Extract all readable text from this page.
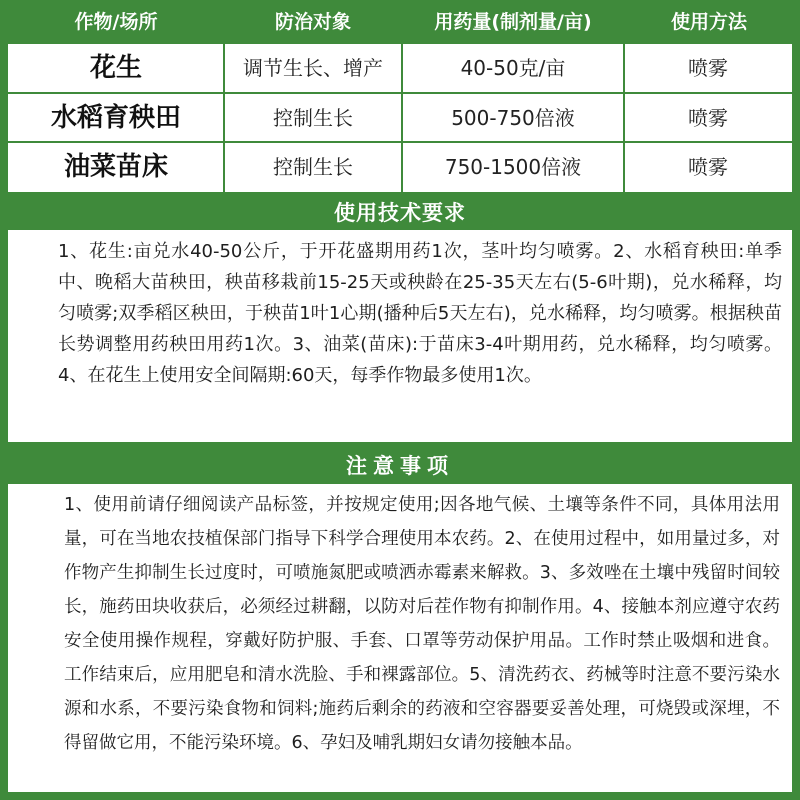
作物/场所	防治对象	用药量(制剂量/亩)	使用方法
花生	调节生长、增产	40-50克/亩	喷雾
水稻育秧田	控制生长	500-750倍液	喷雾
油菜苗床	控制生长	750-1500倍液	喷雾
使用技术要求

1、花生:亩兑水40-50公斤，于开花盛期用药1次，茎叶均匀喷雾。2、水稻育秧田:单季中、晚稻大苗秧田，秧苗移栽前15-25天或秧龄在25-35天左右(5-6叶期)，兑水稀释，均匀喷雾;双季稻区秧田，于秧苗1叶1心期(播种后5天左右)，兑水稀释，均匀喷雾。根据秧苗长势调整用药秧田用药1次。3、油菜(苗床):于苗床3-4叶期用药，兑水稀释，均匀喷雾。4、在花生上使用安全间隔期:60天，每季作物最多使用1次。

注意事项

1、使用前请仔细阅读产品标签，并按规定使用;因各地气候、土壤等条件不同，具体用法用量，可在当地农技植保部门指导下科学合理使用本农药。2、在使用过程中，如用量过多，对作物产生抑制生长过度时，可喷施氮肥或喷洒赤霉素来解救。3、多效唑在土壤中残留时间较长，施药田块收获后，必须经过耕翻，以防对后茬作物有抑制作用。4、接触本剂应遵守农药安全使用操作规程，穿戴好防护服、手套、口罩等劳动保护用品。工作时禁止吸烟和进食。工作结束后，应用肥皂和清水洗脸、手和裸露部位。5、清洗药衣、药械等时注意不要污染水源和水系，不要污染食物和饲料;施药后剩余的药液和空容器要妥善处理，可烧毁或深埋，不得留做它用，不能污染环境。6、孕妇及哺乳期妇女请勿接触本品。
